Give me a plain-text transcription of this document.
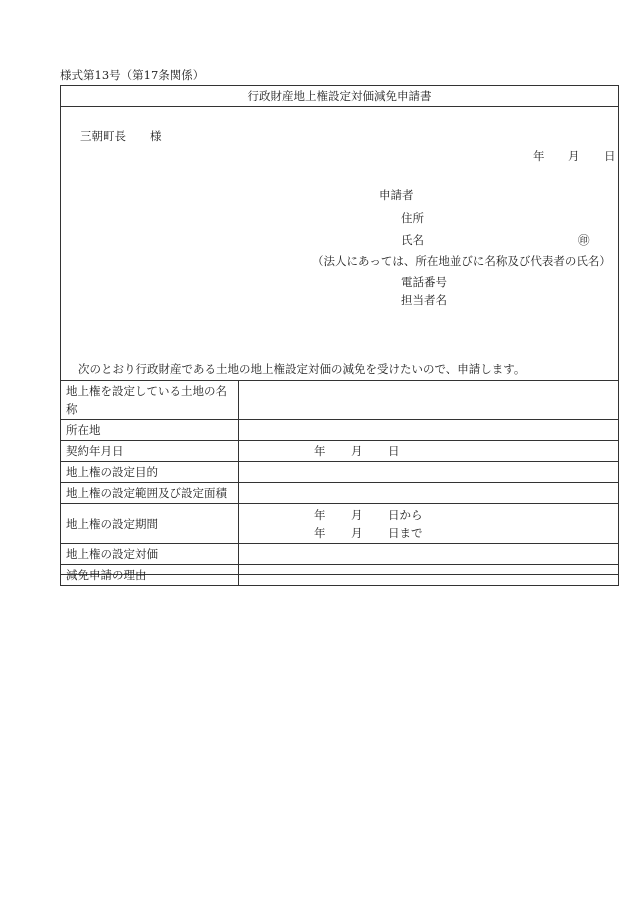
様式第13号（第17条関係）
行政財産地上権設定対価減免申請書
三朝町長 様
年 月 日
申請者
住所
氏名	㊞
（法人にあっては、所在地並びに名称及び代表者の氏名）
電話番号
担当者名
次のとおり行政財産である土地の地上権設定対価の減免を受けたいので、申請します。
地上権を設定している土地の名称	
所在地	
契約年月日	年 月 日
地上権の設定目的	
地上権の設定範囲及び設定面積	
地上権の設定期間	年 月 日から
年 月 日まで

地上権の設定対価	
減免申請の理由	
